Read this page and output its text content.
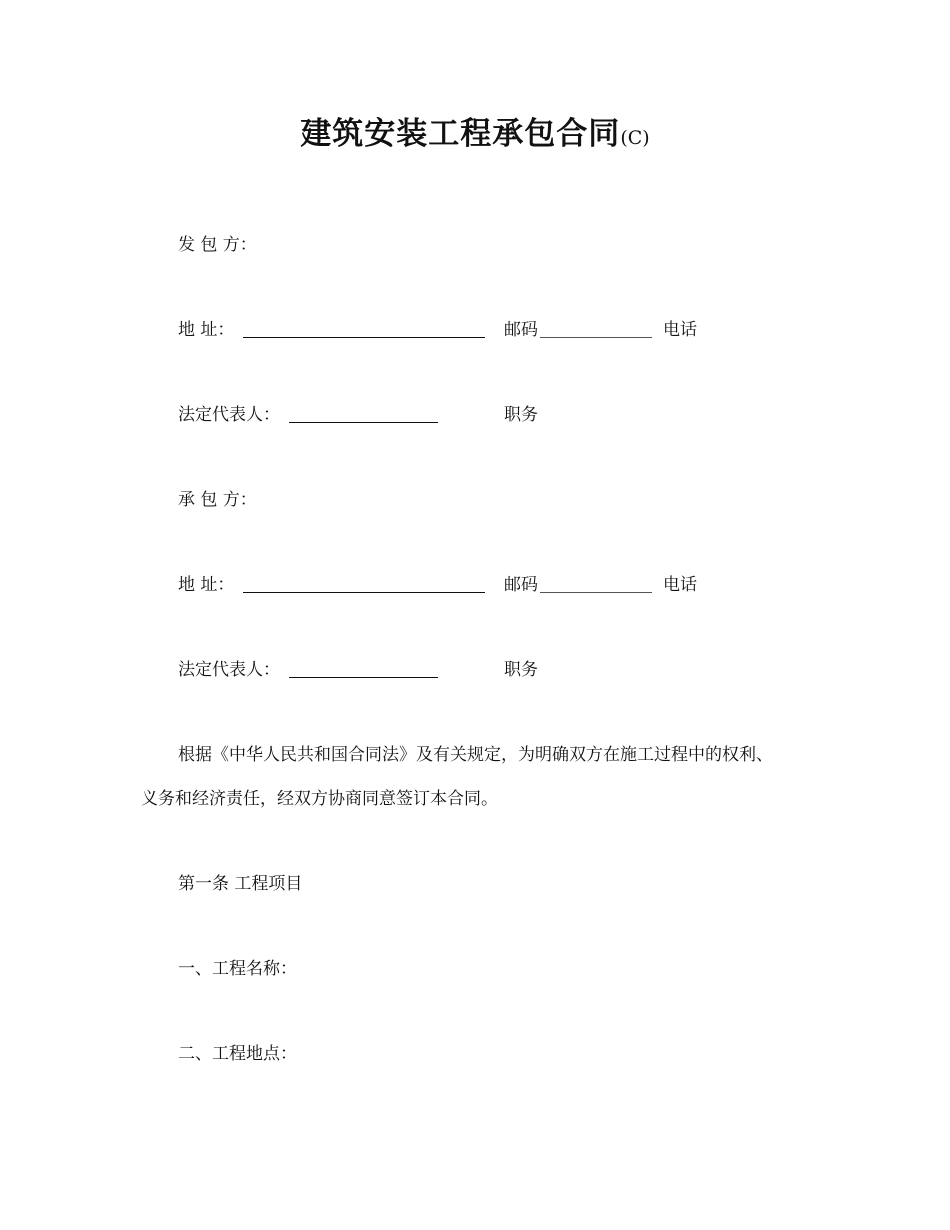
建筑安装工程承包合同(C)
发 包 方：
地 址：	邮码	电话
法定代表人：	职务
承 包 方：
地 址：	邮码	电话
法定代表人：	职务
根据《中华人民共和国合同法》及有关规定，为明确双方在施工过程中的权利、
义务和经济责任，经双方协商同意签订本合同。
第一条 工程项目
一、工程名称：
二、工程地点：
